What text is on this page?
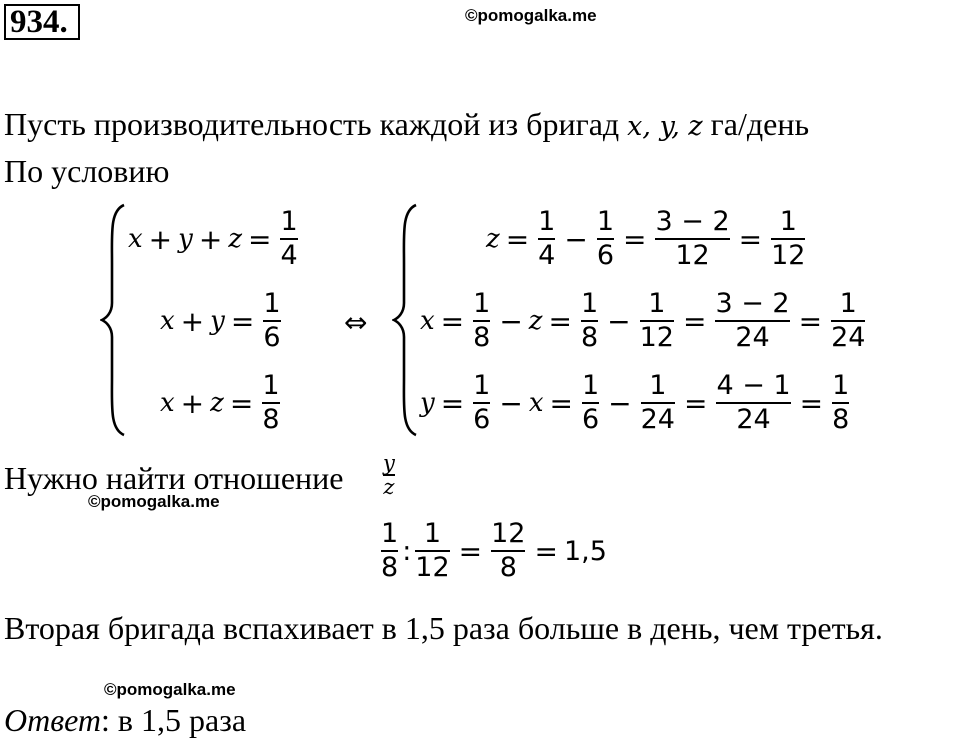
934.	©pomogalka.me
Пусть производительность каждой из бригад x, y, z га/день
По условию
$x + y + z = \frac{1}{4}$
$x + y = \frac{1}{6}$
$x + z = \frac{1}{8}$
⇔
$z = \frac{1}{4} - \frac{1}{6} = \frac{3 - 2}{12} = \frac{1}{12}$
$x = \frac{1}{8} - z = \frac{1}{8} - \frac{1}{12} = \frac{3 - 2}{24} = \frac{1}{24}$
$y = \frac{1}{6} - x = \frac{1}{6} - \frac{1}{24} = \frac{4 - 1}{24} = \frac{1}{8}$
Нужно найти отношение $\frac{y}{z}$
©pomogalka.me
$\frac{1}{8}$ : $\frac{1}{12} = \frac{12}{8} = 1,5$
Вторая бригада вспахивает в 1,5 раза больше в день, чем третья.
©pomogalka.me
Ответ: в 1,5 раза
